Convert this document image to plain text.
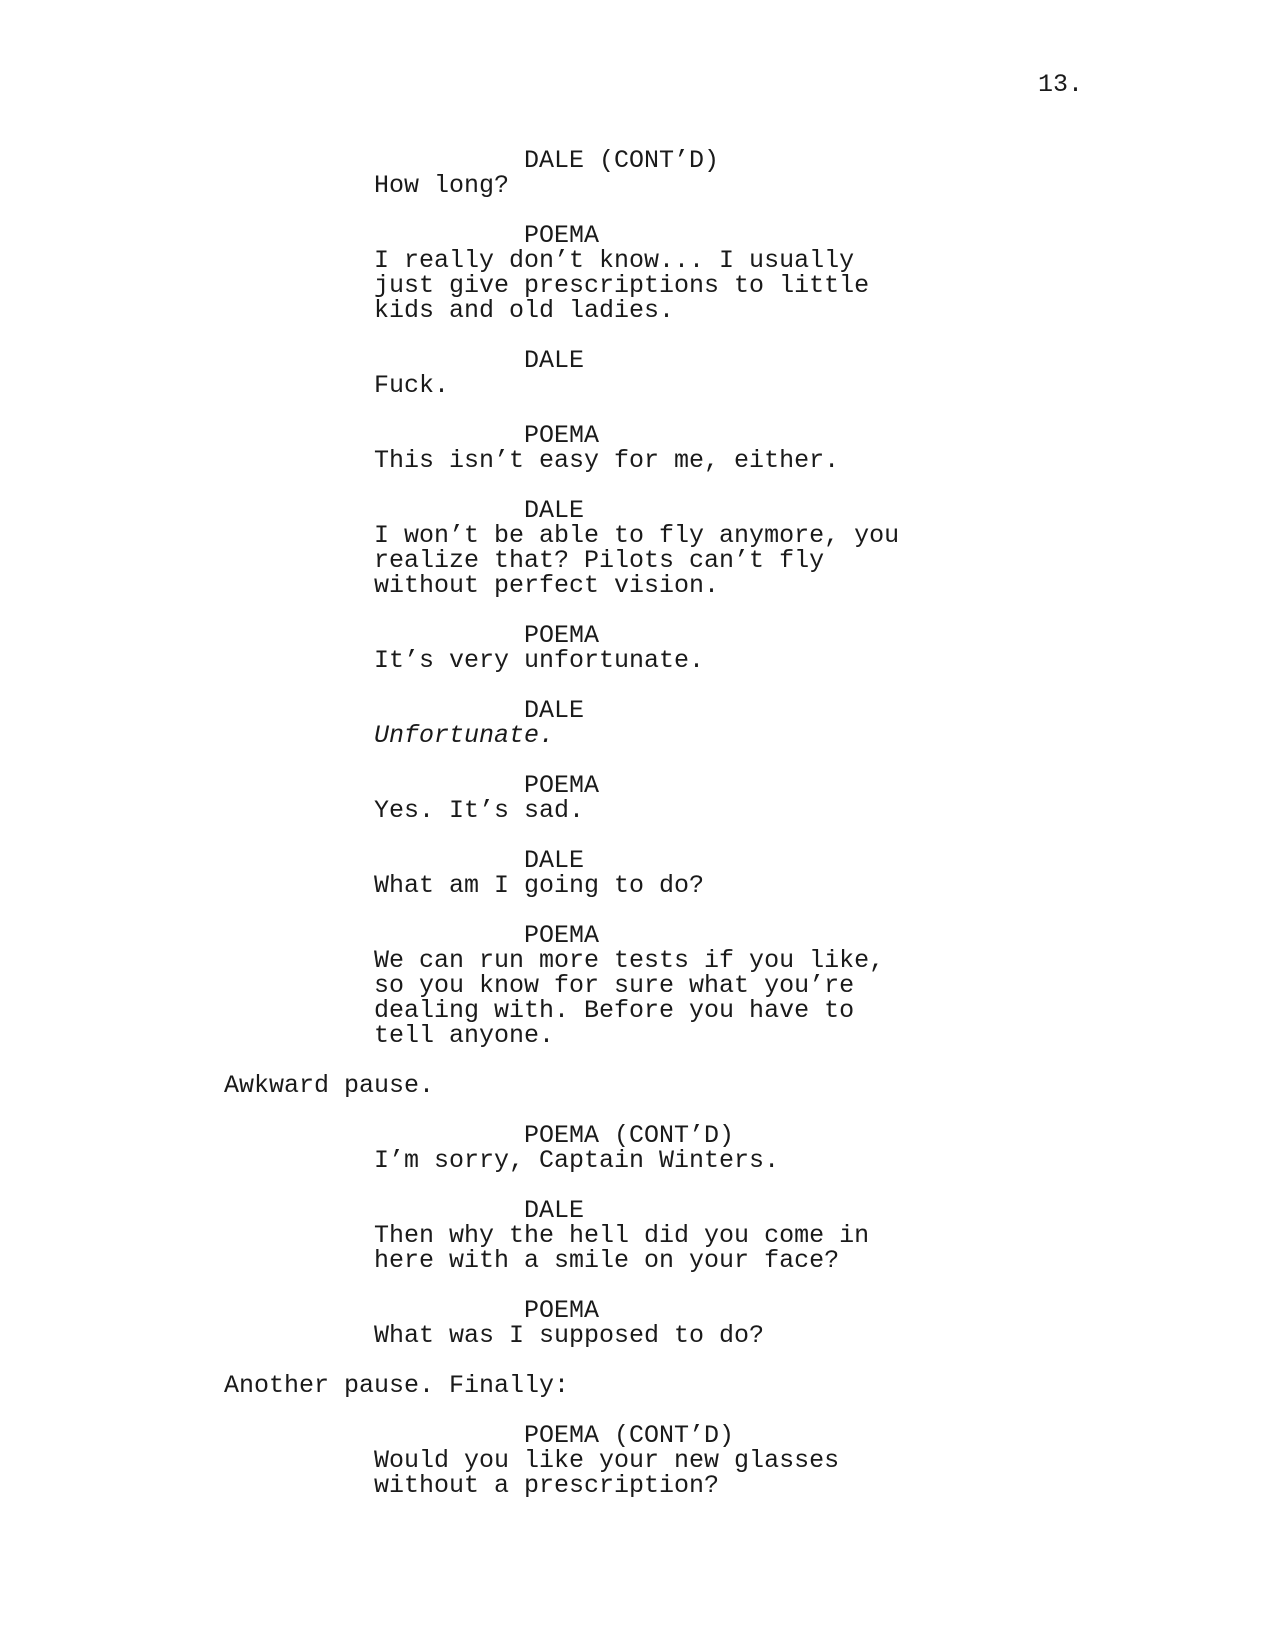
13.
DALE (CONT’D)
How long?
POEMA
I really don’t know... I usually
just give prescriptions to little
kids and old ladies.
DALE
Fuck.
POEMA
This isn’t easy for me, either.
DALE
I won’t be able to fly anymore, you
realize that? Pilots can’t fly
without perfect vision.
POEMA
It’s very unfortunate.
DALE
Unfortunate.
POEMA
Yes. It’s sad.
DALE
What am I going to do?
POEMA
We can run more tests if you like,
so you know for sure what you’re
dealing with. Before you have to
tell anyone.
Awkward pause.
POEMA (CONT’D)
I’m sorry, Captain Winters.
DALE
Then why the hell did you come in
here with a smile on your face?
POEMA
What was I supposed to do?
Another pause. Finally:
POEMA (CONT’D)
Would you like your new glasses
without a prescription?
